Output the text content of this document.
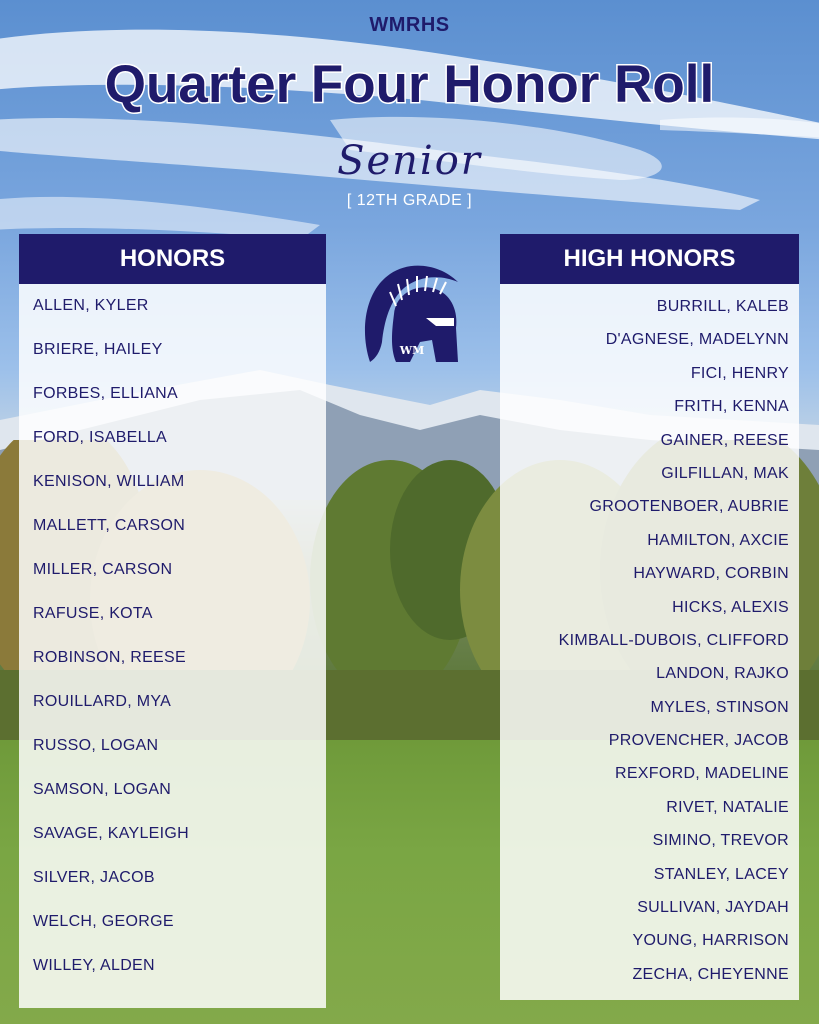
WMRHS
Quarter Four Honor Roll
Senior
[ 12TH GRADE ]
HONORS
ALLEN, KYLER
BRIERE, HAILEY
FORBES, ELLIANA
FORD, ISABELLA
KENISON, WILLIAM
MALLETT, CARSON
MILLER, CARSON
RAFUSE, KOTA
ROBINSON, REESE
ROUILLARD, MYA
RUSSO, LOGAN
SAMSON, LOGAN
SAVAGE, KAYLEIGH
SILVER, JACOB
WELCH, GEORGE
WILLEY, ALDEN
WM
HIGH HONORS
BURRILL, KALEB
D'AGNESE, MADELYNN
FICI, HENRY
FRITH, KENNA
GAINER, REESE
GILFILLAN, MAK
GROOTENBOER, AUBRIE
HAMILTON, AXCIE
HAYWARD, CORBIN
HICKS, ALEXIS
KIMBALL-DUBOIS, CLIFFORD
LANDON, RAJKO
MYLES, STINSON
PROVENCHER, JACOB
REXFORD, MADELINE
RIVET, NATALIE
SIMINO, TREVOR
STANLEY, LACEY
SULLIVAN, JAYDAH
YOUNG, HARRISON
ZECHA, CHEYENNE
